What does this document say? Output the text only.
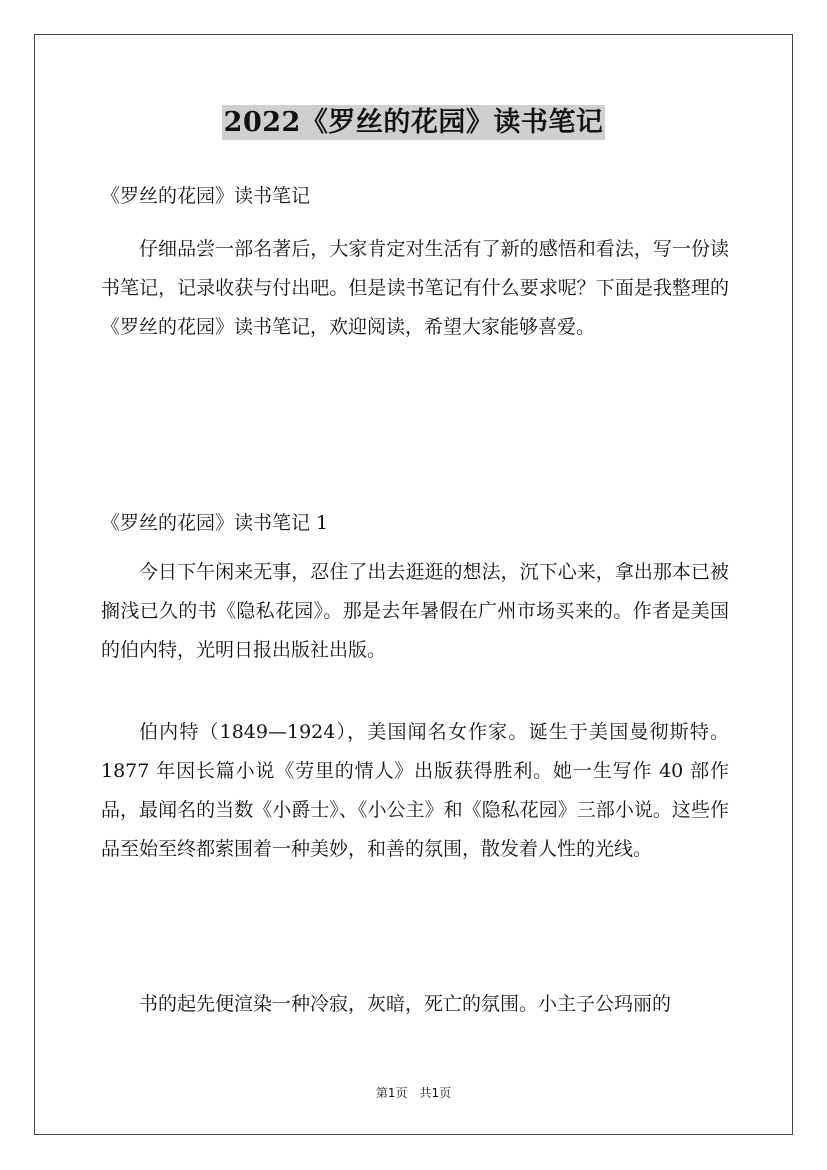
2022《罗丝的花园》读书笔记

《罗丝的花园》读书笔记

仔细品尝一部名著后，大家肯定对生活有了新的感悟和看法，写一份读书笔记，记录收获与付出吧。但是读书笔记有什么要求呢？下面是我整理的《罗丝的花园》读书笔记，欢迎阅读，希望大家能够喜爱。

《罗丝的花园》读书笔记 1

今日下午闲来无事，忍住了出去逛逛的想法，沉下心来，拿出那本已被搁浅已久的书《隐私花园》。那是去年暑假在广州市场买来的。作者是美国的伯内特，光明日报出版社出版。

伯内特（1849—1924），美国闻名女作家。诞生于美国曼彻斯特。1877 年因长篇小说《劳里的情人》出版获得胜利。她一生写作 40 部作品，最闻名的当数《小爵士》、《小公主》和《隐私花园》三部小说。这些作品至始至终都萦围着一种美妙，和善的氛围，散发着人性的光线。

书的起先便渲染一种冷寂，灰暗，死亡的氛围。小主子公玛丽的

第1页　共1页
